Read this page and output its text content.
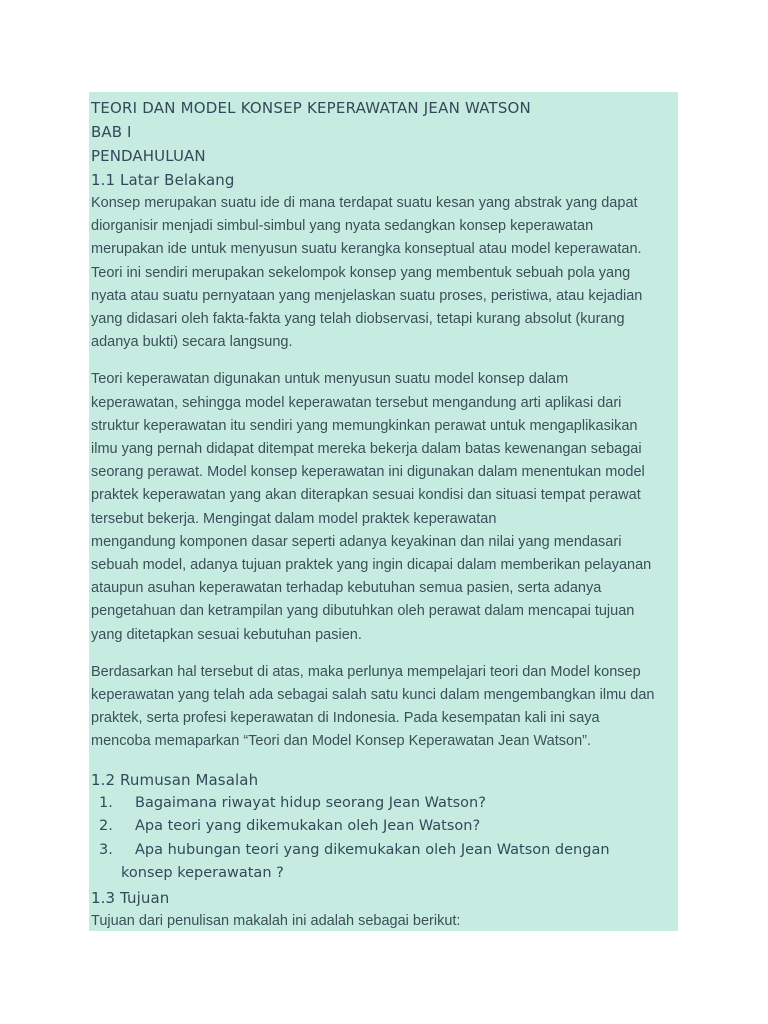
TEORI DAN MODEL KONSEP KEPERAWATAN JEAN WATSON
BAB I
PENDAHULUAN
1.1 Latar Belakang

Konsep merupakan suatu ide di mana terdapat suatu kesan yang abstrak yang dapat
diorganisir menjadi simbul-simbul yang nyata sedangkan konsep keperawatan
merupakan ide untuk menyusun suatu kerangka konseptual atau model keperawatan.
Teori ini sendiri merupakan sekelompok konsep yang membentuk sebuah pola yang
nyata atau suatu pernyataan yang menjelaskan suatu proses, peristiwa, atau kejadian
yang didasari oleh fakta-fakta yang telah diobservasi, tetapi kurang absolut (kurang
adanya bukti) secara langsung.

Teori keperawatan digunakan untuk menyusun suatu model konsep dalam
keperawatan, sehingga model keperawatan tersebut mengandung arti aplikasi dari
struktur keperawatan itu sendiri yang memungkinkan perawat untuk mengaplikasikan
ilmu yang pernah didapat ditempat mereka bekerja dalam batas kewenangan sebagai
seorang perawat. Model konsep keperawatan ini digunakan dalam menentukan model
praktek keperawatan yang akan diterapkan sesuai kondisi dan situasi tempat perawat
tersebut bekerja. Mengingat dalam model praktek keperawatan
mengandung komponen dasar seperti adanya keyakinan dan nilai yang mendasari
sebuah model, adanya tujuan praktek yang ingin dicapai dalam memberikan pelayanan
ataupun asuhan keperawatan terhadap kebutuhan semua pasien, serta adanya
pengetahuan dan ketrampilan yang dibutuhkan oleh perawat dalam mencapai tujuan
yang ditetapkan sesuai kebutuhan pasien.

Berdasarkan hal tersebut di atas, maka perlunya mempelajari teori dan Model konsep
keperawatan yang telah ada sebagai salah satu kunci dalam mengembangkan ilmu dan
praktek, serta profesi keperawatan di Indonesia. Pada kesempatan kali ini saya
mencoba memaparkan “Teori dan Model Konsep Keperawatan Jean Watson”.

1.2 Rumusan Masalah
1. Bagaimana riwayat hidup seorang Jean Watson?
2. Apa teori yang dikemukakan oleh Jean Watson?
3. Apa hubungan teori yang dikemukakan oleh Jean Watson dengan
konsep keperawatan ?
1.3 Tujuan

Tujuan dari penulisan makalah ini adalah sebagai berikut:
